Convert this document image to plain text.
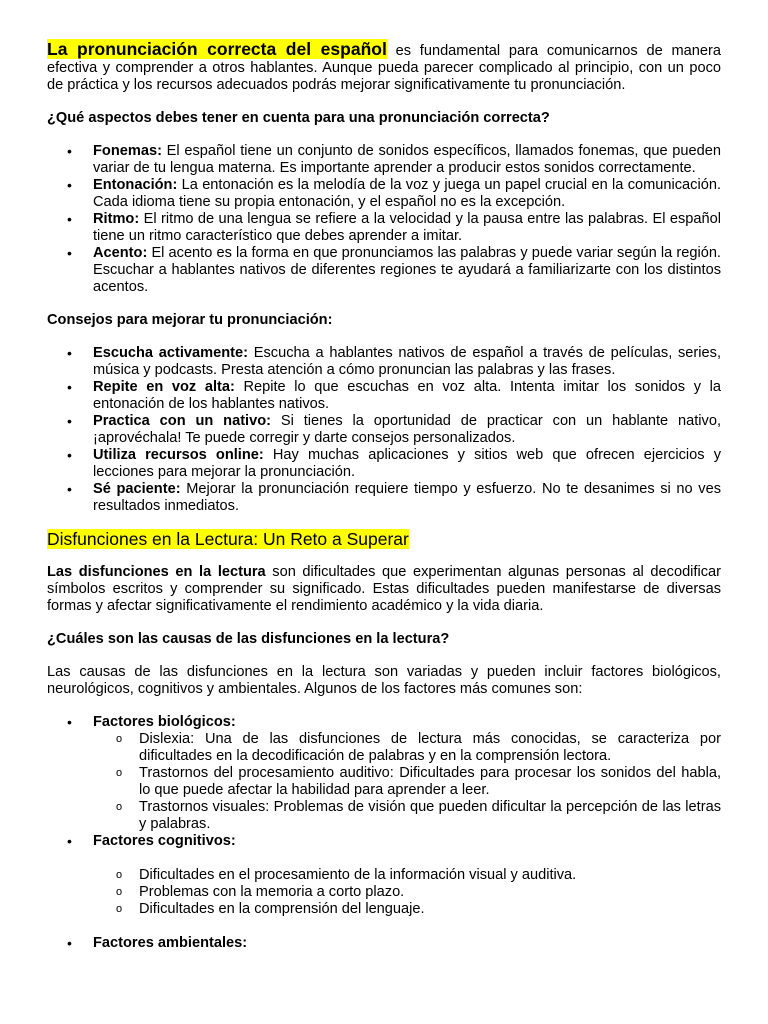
La pronunciación correcta del español es fundamental para comunicarnos de manera efectiva y comprender a otros hablantes. Aunque pueda parecer complicado al principio, con un poco de práctica y los recursos adecuados podrás mejorar significativamente tu pronunciación.

¿Qué aspectos debes tener en cuenta para una pronunciación correcta?

• Fonemas: El español tiene un conjunto de sonidos específicos, llamados fonemas, que pueden variar de tu lengua materna. Es importante aprender a producir estos sonidos correctamente.
• Entonación: La entonación es la melodía de la voz y juega un papel crucial en la comunicación. Cada idioma tiene su propia entonación, y el español no es la excepción.
• Ritmo: El ritmo de una lengua se refiere a la velocidad y la pausa entre las palabras. El español tiene un ritmo característico que debes aprender a imitar.
• Acento: El acento es la forma en que pronunciamos las palabras y puede variar según la región. Escuchar a hablantes nativos de diferentes regiones te ayudará a familiarizarte con los distintos acentos.

Consejos para mejorar tu pronunciación:

• Escucha activamente: Escucha a hablantes nativos de español a través de películas, series, música y podcasts. Presta atención a cómo pronuncian las palabras y las frases.
• Repite en voz alta: Repite lo que escuchas en voz alta. Intenta imitar los sonidos y la entonación de los hablantes nativos.
• Practica con un nativo: Si tienes la oportunidad de practicar con un hablante nativo, ¡aprovéchala! Te puede corregir y darte consejos personalizados.
• Utiliza recursos online: Hay muchas aplicaciones y sitios web que ofrecen ejercicios y lecciones para mejorar la pronunciación.
• Sé paciente: Mejorar la pronunciación requiere tiempo y esfuerzo. No te desanimes si no ves resultados inmediatos.

Disfunciones en la Lectura: Un Reto a Superar

Las disfunciones en la lectura son dificultades que experimentan algunas personas al decodificar símbolos escritos y comprender su significado. Estas dificultades pueden manifestarse de diversas formas y afectar significativamente el rendimiento académico y la vida diaria.

¿Cuáles son las causas de las disfunciones en la lectura?

Las causas de las disfunciones en la lectura son variadas y pueden incluir factores biológicos, neurológicos, cognitivos y ambientales. Algunos de los factores más comunes son:

• Factores biológicos:
o Dislexia: Una de las disfunciones de lectura más conocidas, se caracteriza por dificultades en la decodificación de palabras y en la comprensión lectora.
o Trastornos del procesamiento auditivo: Dificultades para procesar los sonidos del habla, lo que puede afectar la habilidad para aprender a leer.
o Trastornos visuales: Problemas de visión que pueden dificultar la percepción de las letras y palabras.
• Factores cognitivos:
o Dificultades en el procesamiento de la información visual y auditiva.
o Problemas con la memoria a corto plazo.
o Dificultades en la comprensión del lenguaje.
• Factores ambientales:
